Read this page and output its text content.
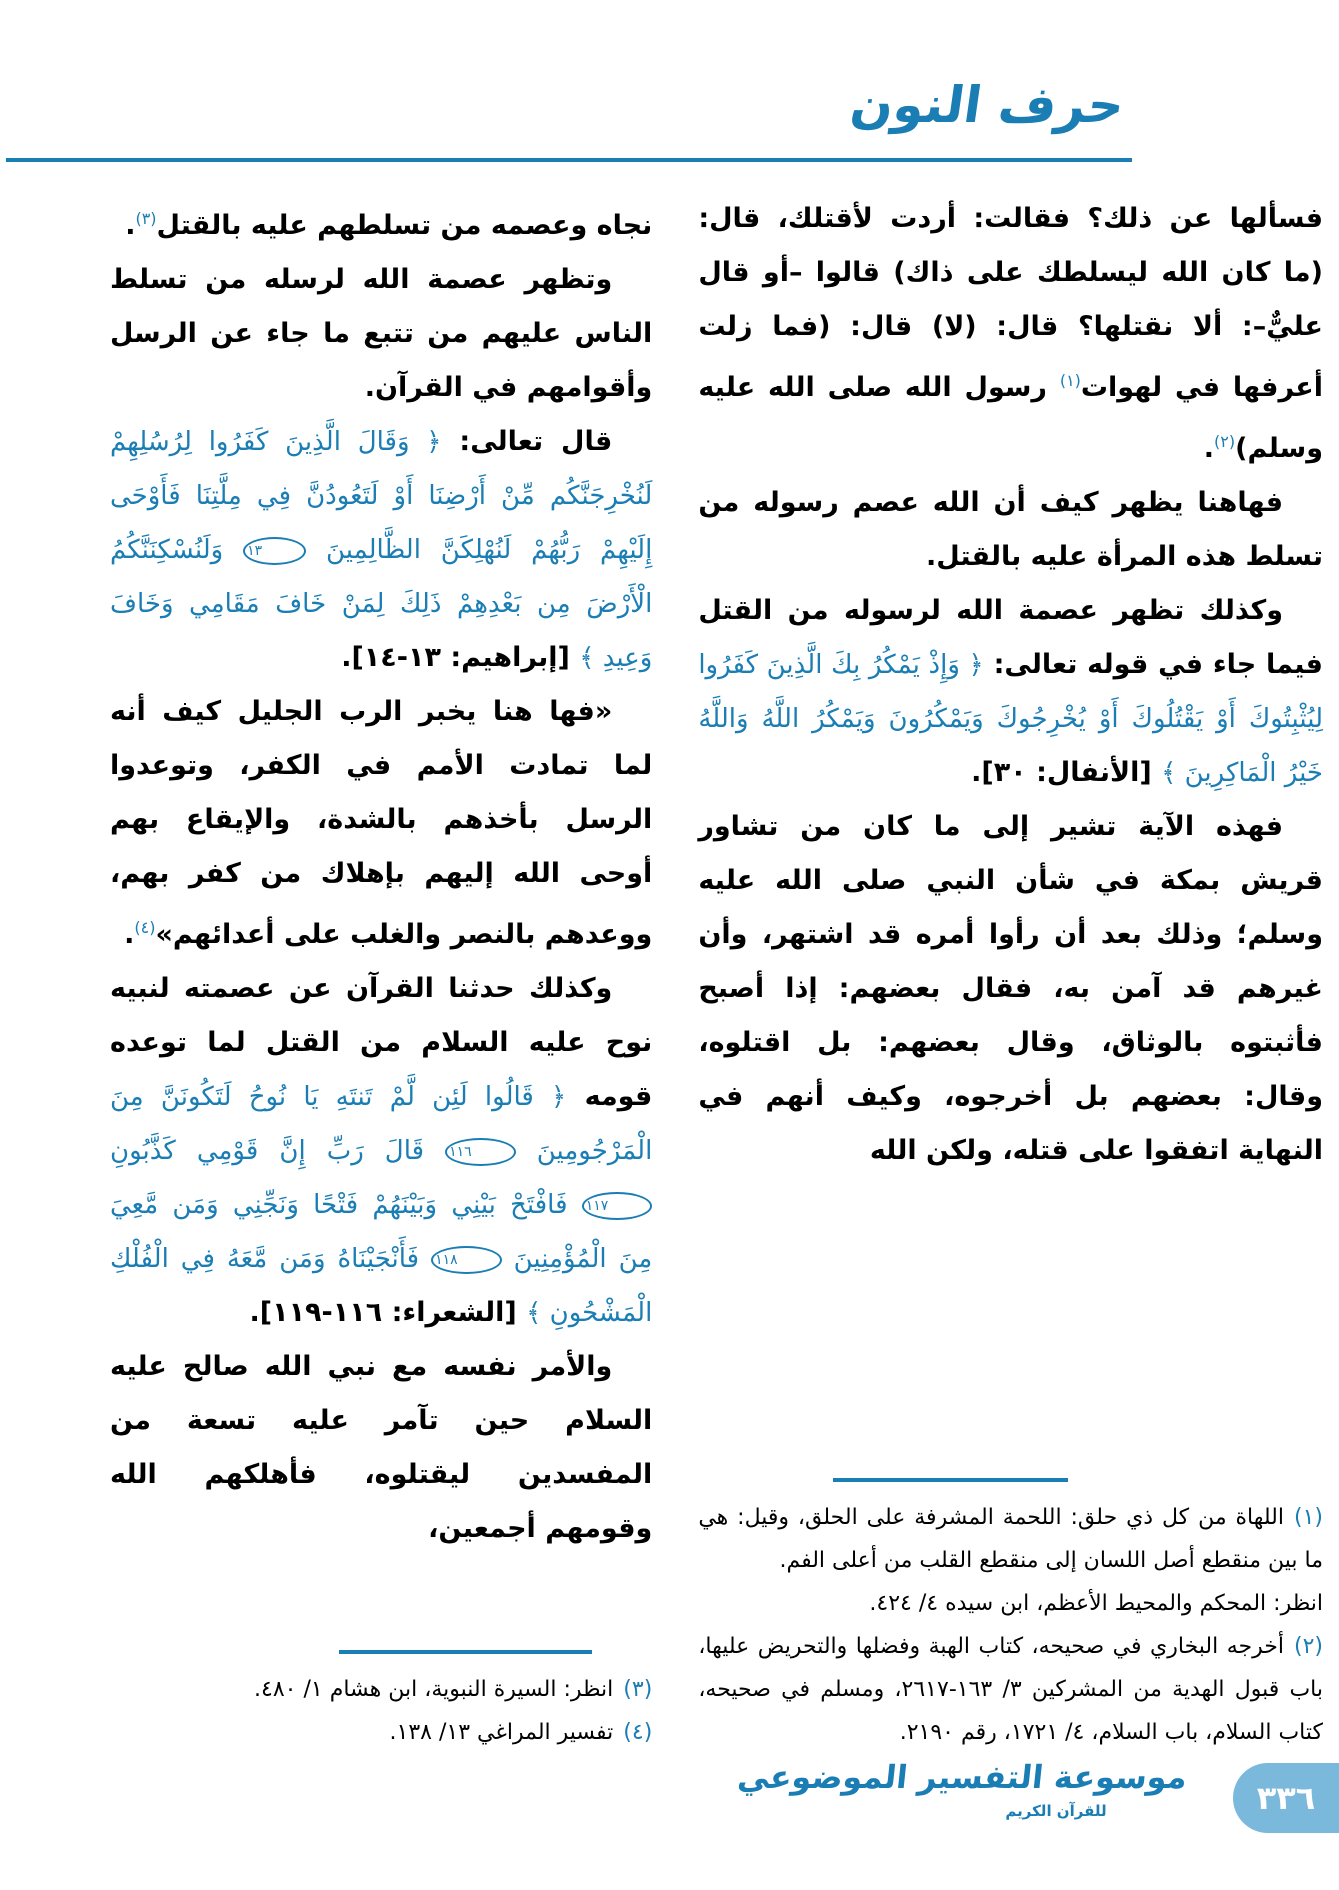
حرف النون

فسألها عن ذلك؟ فقالت: أردت لأقتلك، قال: (ما كان الله ليسلطك على ذاك) قالوا –أو قال عليٌّ–: ألا نقتلها؟ قال: (لا) قال: (فما زلت أعرفها في لهوات$^{(١)}$ رسول الله صلى الله عليه وسلم)$^{(٢)}$.

فهاهنا يظهر كيف أن الله عصم رسوله من تسلط هذه المرأة عليه بالقتل.

وكذلك تظهر عصمة الله لرسوله من القتل فيما جاء في قوله تعالى: ﴿ وَإِذْ يَمْكُرُ بِكَ الَّذِينَ كَفَرُوا لِيُثْبِتُوكَ أَوْ يَقْتُلُوكَ أَوْ يُخْرِجُوكَ وَيَمْكُرُونَ وَيَمْكُرُ اللَّهُ وَاللَّهُ خَيْرُ الْمَاكِرِينَ ﴾ [الأنفال: ٣٠].

فهذه الآية تشير إلى ما كان من تشاور قريش بمكة في شأن النبي صلى الله عليه وسلم؛ وذلك بعد أن رأوا أمره قد اشتهر، وأن غيرهم قد آمن به، فقال بعضهم: إذا أصبح فأثبتوه بالوثاق، وقال بعضهم: بل اقتلوه، وقال: بعضهم بل أخرجوه، وكيف أنهم في النهاية اتفقوا على قتله، ولكن الله

(١)اللهاة من كل ذي حلق: اللحمة المشرفة على الحلق، وقيل: هي ما بين منقطع أصل اللسان إلى منقطع القلب من أعلى الفم.
انظر: المحكم والمحيط الأعظم، ابن سيده ٤/ ٤٢٤.
(٢)أخرجه البخاري في صحيحه، كتاب الهبة وفضلها والتحريض عليها، باب قبول الهدية من المشركين ٣/ ١٦٣-٢٦١٧، ومسلم في صحيحه، كتاب السلام، باب السلام، ٤/ ١٧٢١، رقم ٢١٩٠.

نجاه وعصمه من تسلطهم عليه بالقتل$^{(٣)}$.

وتظهر عصمة الله لرسله من تسلط الناس عليهم من تتبع ما جاء عن الرسل وأقوامهم في القرآن.

قال تعالى: ﴿ وَقَالَ الَّذِينَ كَفَرُوا لِرُسُلِهِمْ لَنُخْرِجَنَّكُم مِّنْ أَرْضِنَا أَوْ لَتَعُودُنَّ فِي مِلَّتِنَا فَأَوْحَى إِلَيْهِمْ رَبُّهُمْ لَنُهْلِكَنَّ الظَّالِمِينَ ١٣ وَلَنُسْكِنَنَّكُمُ الْأَرْضَ مِن بَعْدِهِمْ ذَلِكَ لِمَنْ خَافَ مَقَامِي وَخَافَ وَعِيدِ ﴾ [إبراهيم: ١٣-١٤].

«فها هنا يخبر الرب الجليل كيف أنه لما تمادت الأمم في الكفر، وتوعدوا الرسل بأخذهم بالشدة، والإيقاع بهم أوحى الله إليهم بإهلاك من كفر بهم، ووعدهم بالنصر والغلب على أعدائهم»$^{(٤)}$.

وكذلك حدثنا القرآن عن عصمته لنبيه نوح عليه السلام من القتل لما توعده قومه ﴿ قَالُوا لَئِن لَّمْ تَنتَهِ يَا نُوحُ لَتَكُونَنَّ مِنَ الْمَرْجُومِينَ ١١٦ قَالَ رَبِّ إِنَّ قَوْمِي كَذَّبُونِ ١١٧ فَافْتَحْ بَيْنِي وَبَيْنَهُمْ فَتْحًا وَنَجِّنِي وَمَن مَّعِيَ مِنَ الْمُؤْمِنِينَ ١١٨ فَأَنْجَيْنَاهُ وَمَن مَّعَهُ فِي الْفُلْكِ الْمَشْحُونِ ﴾ [الشعراء: ١١٦-١١٩].

والأمر نفسه مع نبي الله صالح عليه السلام حين تآمر عليه تسعة من المفسدين ليقتلوه، فأهلكهم الله وقومهم أجمعين،

(٣)انظر: السيرة النبوية، ابن هشام ١/ ٤٨٠.
(٤)تفسير المراغي ١٣/ ١٣٨.
موسوعة التفسير الموضوعي
للقرآن الكريم	٣٣٦
